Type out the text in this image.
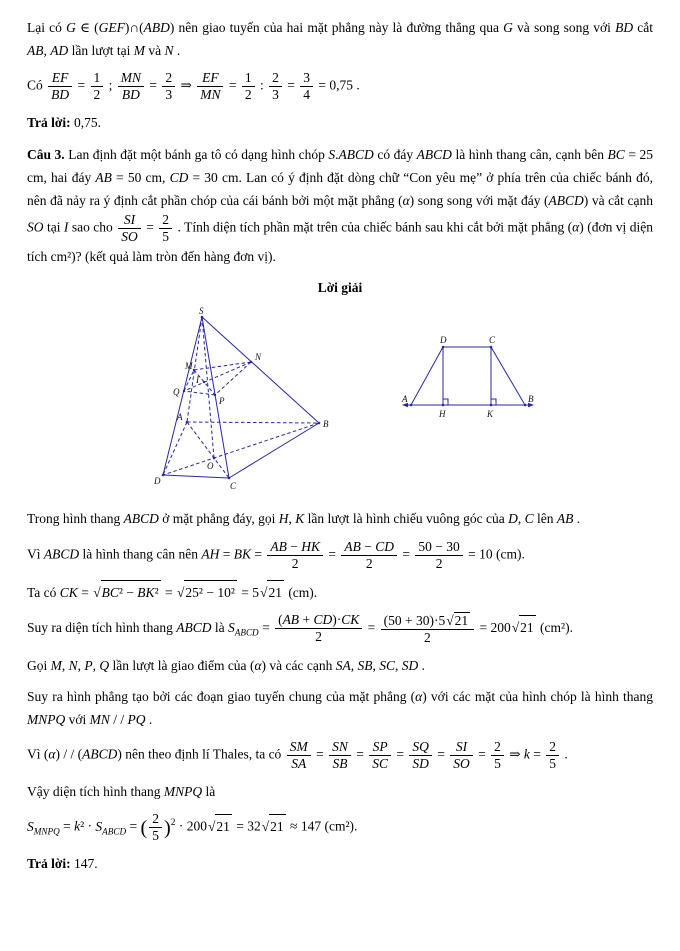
Lại có G ∈ (GEF)∩(ABD) nên giao tuyến của hai mặt phẳng này là đường thẳng qua G và song song với BD cắt AB, AD lần lượt tại M và N .
Có $\frac{EF}{BD} = \frac{1}{2}$ ; $\frac{MN}{BD} = \frac{2}{3}$ ⇒ $\frac{EF}{MN} = \frac{1}{2}$ : $\frac{2}{3} = \frac{3}{4} = 0,75$ .
Trả lời: 0,75.
Câu 3. Lan định đặt một bánh ga tô có dạng hình chóp S.ABCD có đáy ABCD là hình thang cân, cạnh bên BC = 25 cm, hai đáy AB = 50 cm, CD = 30 cm. Lan có ý định đặt dòng chữ “Con yêu mẹ” ở phía trên của chiếc bánh đó, nên đã nảy ra ý định cắt phần chóp của cái bánh bởi một mặt phẳng (α) song song với mặt đáy (ABCD) và cắt cạnh SO tại I sao cho $\frac{SI}{SO} = \frac{2}{5}$ . Tính diện tích phần mặt trên của chiếc bánh sau khi cắt bởi mặt phẳng (α) (đơn vị diện tích cm²)? (kết quả làm tròn đến hàng đơn vị).
Lời giải
S
M
N
Q
P
I
A
B
C
D
O
A	B
C
D
H	K
Trong hình thang ABCD ở mặt phẳng đáy, gọi H, K lần lượt là hình chiếu vuông góc của D, C lên AB .
Vì ABCD là hình thang cân nên AH = BK = $\frac{AB - HK}{2} = \frac{AB - CD}{2} = \frac{50 - 30}{2} = 10$ (cm).
Ta có CK = √BC² − BK² = √25² − 10² = 5√21 (cm).
Suy ra diện tích hình thang ABCD là $S_{ABCD} = \frac{(AB + CD)\cdot CK}{2} = \frac{(50 + 30)\cdot 5√21}{2} = 200√21$ (cm²).
Gọi M, N, P, Q lần lượt là giao điểm của (α) và các cạnh SA, SB, SC, SD .
Suy ra hình phẳng tạo bởi các đoạn giao tuyến chung của mặt phẳng (α) với các mặt của hình chóp là hình thang MNPQ với MN / / PQ .
Vì (α) / / (ABCD) nên theo định lí Thales, ta có $\frac{SM}{SA} = \frac{SN}{SB} = \frac{SP}{SC} = \frac{SQ}{SD} = \frac{SI}{SO} = \frac{2}{5}$ ⇒ $k = \frac{2}{5}$ .
Vậy diện tích hình thang MNPQ là
$S_{MNPQ} = k^2 \cdot S_{ABCD}$ = ( $\frac{2}{5} )^2 \cdot 200√21 = 32√21 \approx 147$ (cm²).
Trả lời: 147.
